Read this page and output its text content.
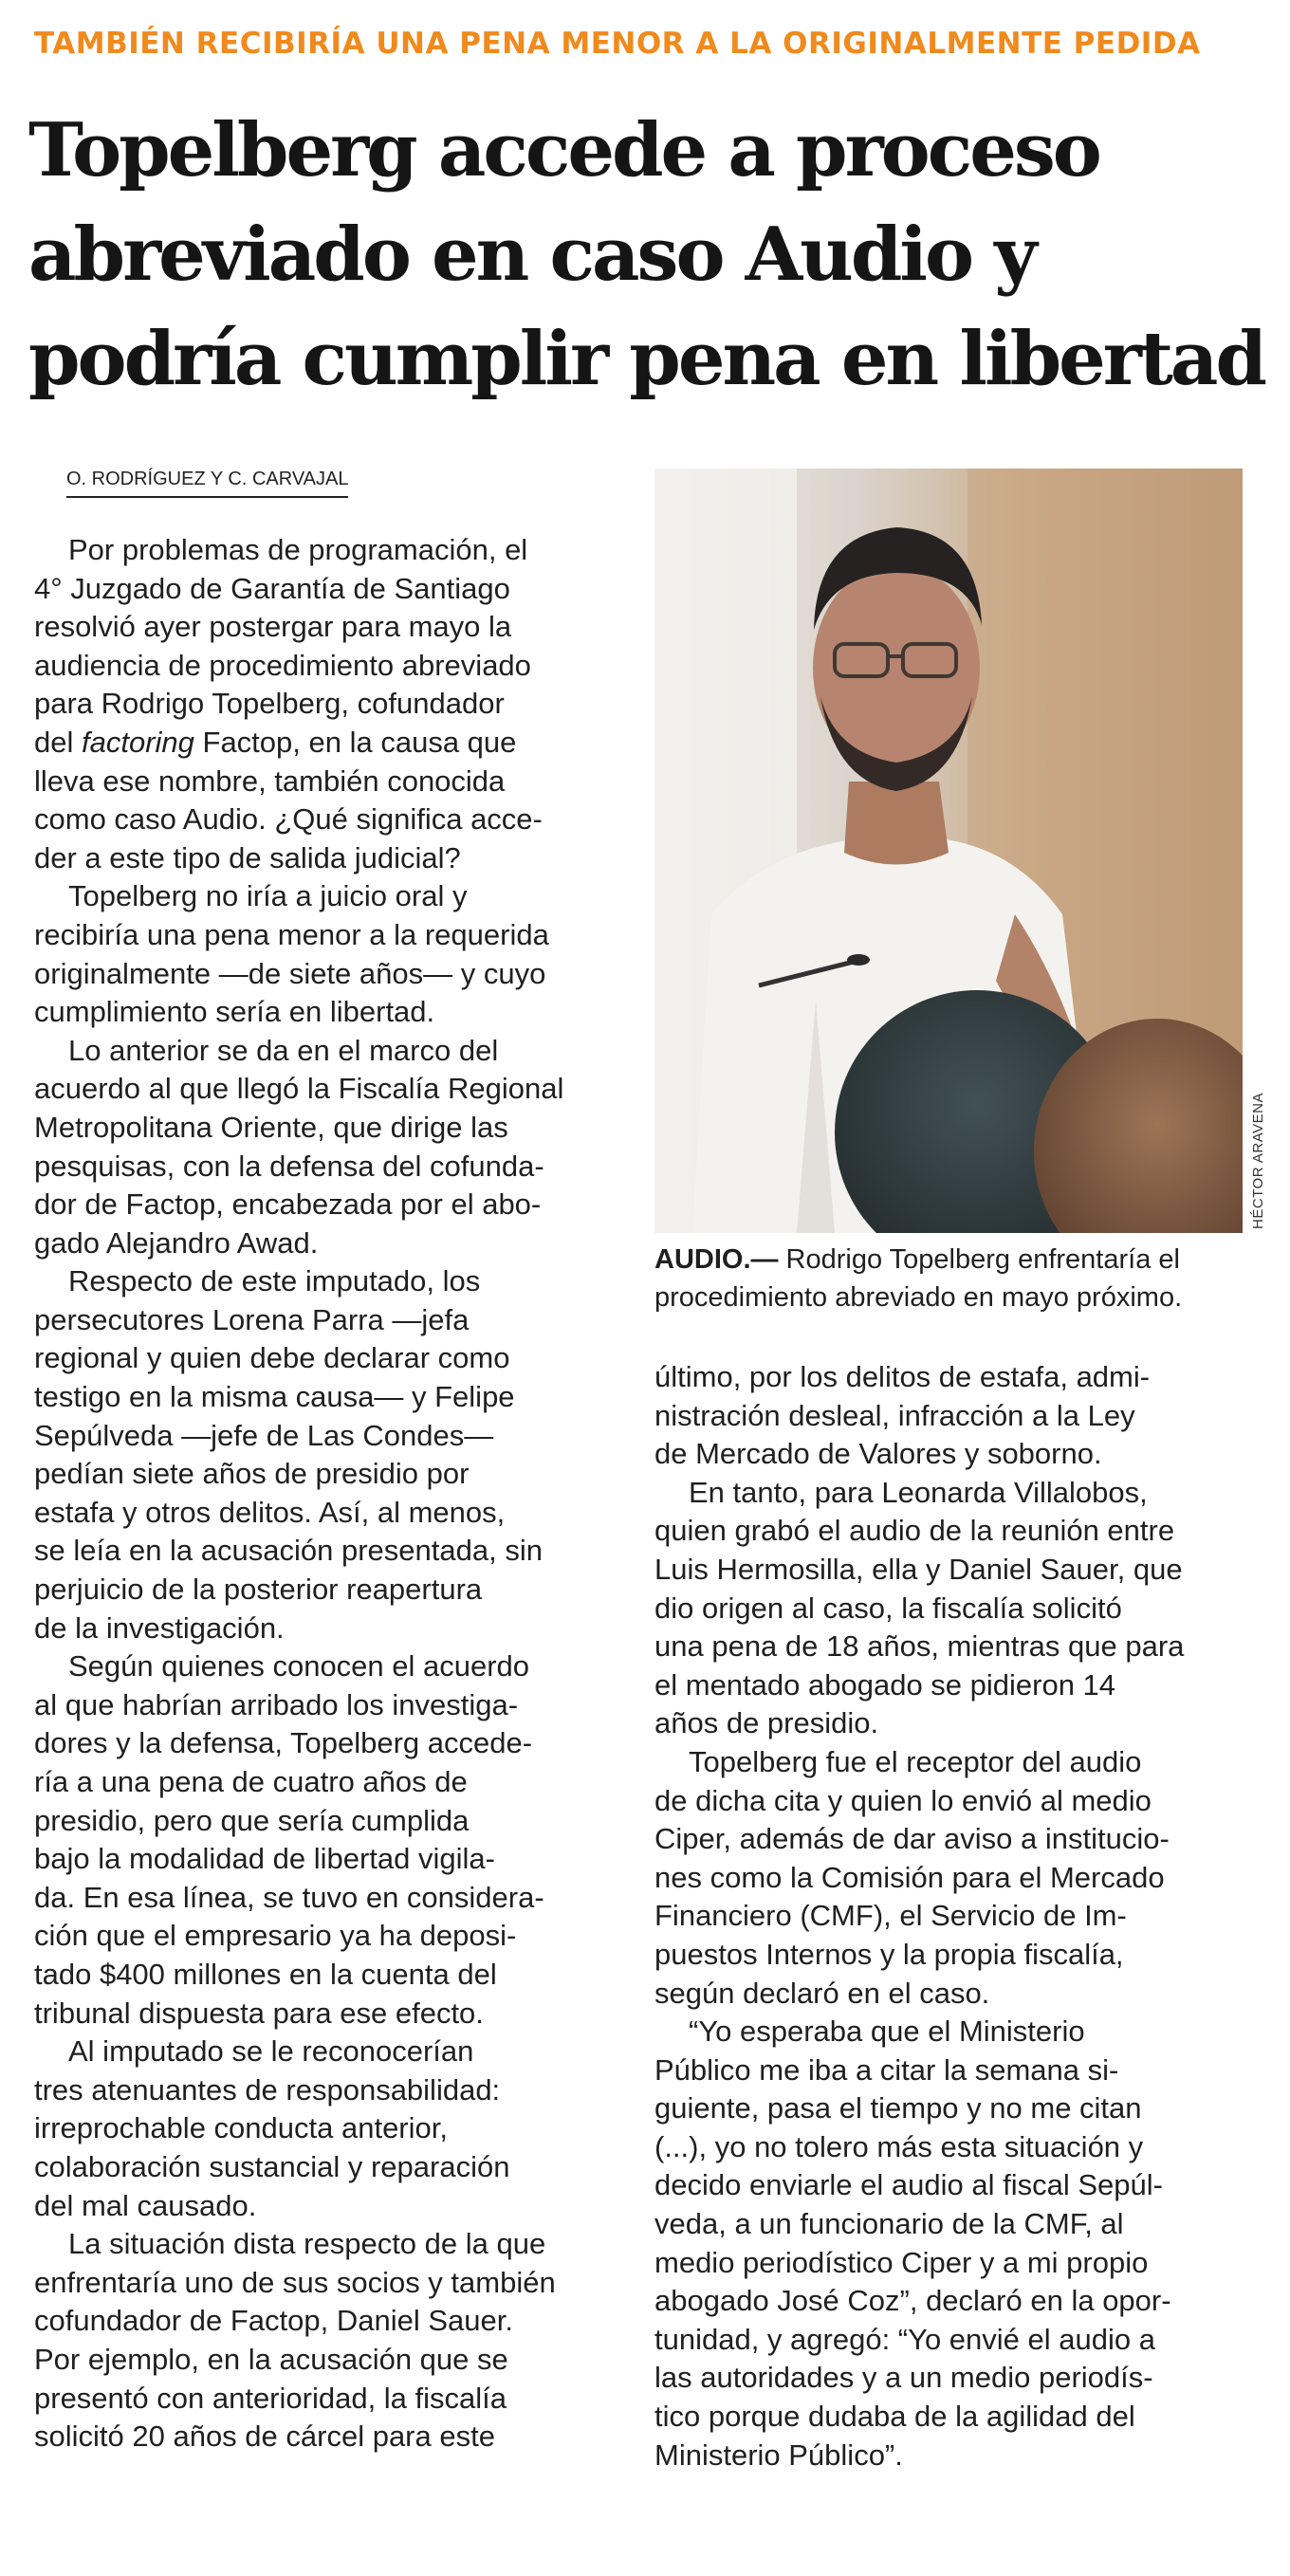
TAMBIÉN RECIBIRÍA UNA PENA MENOR A LA ORIGINALMENTE PEDIDA
Topelberg accede a proceso
abreviado en caso Audio y
podría cumplir pena en libertad
O. RODRÍGUEZ Y C. CARVAJAL

Por problemas de programación, el
4° Juzgado de Garantía de Santiago
resolvió ayer postergar para mayo la
audiencia de procedimiento abreviado
para Rodrigo Topelberg, cofundador
del factoring Factop, en la causa que
lleva ese nombre, también conocida
como caso Audio. ¿Qué significa acce-
der a este tipo de salida judicial?

Topelberg no iría a juicio oral y
recibiría una pena menor a la requerida
originalmente —de siete años— y cuyo
cumplimiento sería en libertad.

Lo anterior se da en el marco del
acuerdo al que llegó la Fiscalía Regional
Metropolitana Oriente, que dirige las
pesquisas, con la defensa del cofunda-
dor de Factop, encabezada por el abo-
gado Alejandro Awad.

Respecto de este imputado, los
persecutores Lorena Parra —jefa
regional y quien debe declarar como
testigo en la misma causa— y Felipe
Sepúlveda —jefe de Las Condes—
pedían siete años de presidio por
estafa y otros delitos. Así, al menos,
se leía en la acusación presentada, sin
perjuicio de la posterior reapertura
de la investigación.

Según quienes conocen el acuerdo
al que habrían arribado los investiga-
dores y la defensa, Topelberg accede-
ría a una pena de cuatro años de
presidio, pero que sería cumplida
bajo la modalidad de libertad vigila-
da. En esa línea, se tuvo en considera-
ción que el empresario ya ha deposi-
tado $400 millones en la cuenta del
tribunal dispuesta para ese efecto.

Al imputado se le reconocerían
tres atenuantes de responsabilidad:
irreprochable conducta anterior,
colaboración sustancial y reparación
del mal causado.

La situación dista respecto de la que
enfrentaría uno de sus socios y también
cofundador de Factop, Daniel Sauer.
Por ejemplo, en la acusación que se
presentó con anterioridad, la fiscalía
solicitó 20 años de cárcel para este

HÉCTOR ARAVENA
AUDIO.— Rodrigo Topelberg enfrentaría el
procedimiento abreviado en mayo próximo.

último, por los delitos de estafa, admi-
nistración desleal, infracción a la Ley
de Mercado de Valores y soborno.

En tanto, para Leonarda Villalobos,
quien grabó el audio de la reunión entre
Luis Hermosilla, ella y Daniel Sauer, que
dio origen al caso, la fiscalía solicitó
una pena de 18 años, mientras que para
el mentado abogado se pidieron 14
años de presidio.

Topelberg fue el receptor del audio
de dicha cita y quien lo envió al medio
Ciper, además de dar aviso a institucio-
nes como la Comisión para el Mercado
Financiero (CMF), el Servicio de Im-
puestos Internos y la propia fiscalía,
según declaró en el caso.

“Yo esperaba que el Ministerio
Público me iba a citar la semana si-
guiente, pasa el tiempo y no me citan
(...), yo no tolero más esta situación y
decido enviarle el audio al fiscal Sepúl-
veda, a un funcionario de la CMF, al
medio periodístico Ciper y a mi propio
abogado José Coz”, declaró en la opor-
tunidad, y agregó: “Yo envié el audio a
las autoridades y a un medio periodís-
tico porque dudaba de la agilidad del
Ministerio Público”.
